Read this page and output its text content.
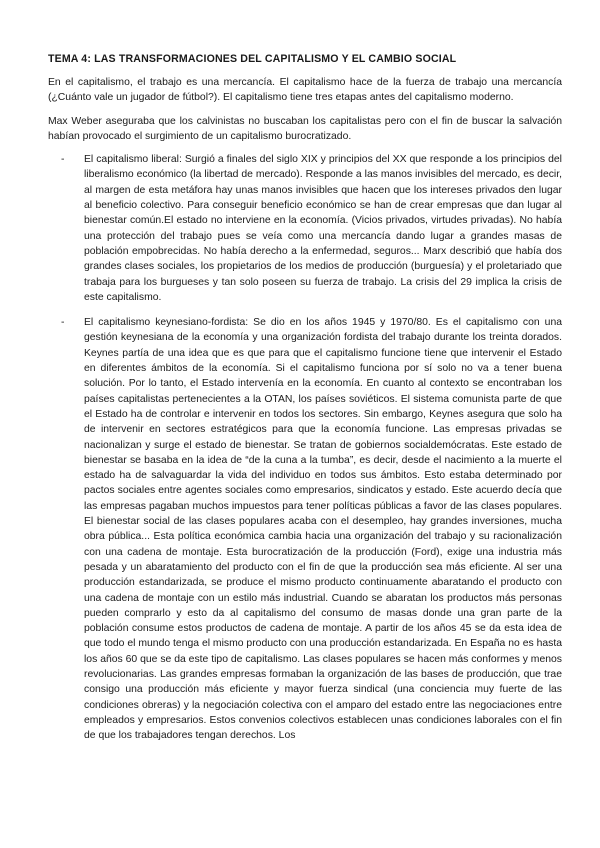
TEMA 4: LAS TRANSFORMACIONES DEL CAPITALISMO Y EL CAMBIO SOCIAL

En el capitalismo, el trabajo es una mercancía. El capitalismo hace de la fuerza de trabajo una mercancía (¿Cuánto vale un jugador de fútbol?). El capitalismo tiene tres etapas antes del capitalismo moderno.

Max Weber aseguraba que los calvinistas no buscaban los capitalistas pero con el fin de buscar la salvación habían provocado el surgimiento de un capitalismo burocratizado.

- El capitalismo liberal: Surgió a finales del siglo XIX y principios del XX que responde a los principios del liberalismo económico (la libertad de mercado). Responde a las manos invisibles del mercado, es decir, al margen de esta metáfora hay unas manos invisibles que hacen que los intereses privados den lugar al beneficio colectivo. Para conseguir beneficio económico se han de crear empresas que dan lugar al bienestar común.El estado no interviene en la economía. (Vicios privados, virtudes privadas). No había una protección del trabajo pues se veía como una mercancía dando lugar a grandes masas de población empobrecidas. No había derecho a la enfermedad, seguros... Marx describió que había dos grandes clases sociales, los propietarios de los medios de producción (burguesía) y el proletariado que trabaja para los burgueses y tan solo poseen su fuerza de trabajo. La crisis del 29 implica la crisis de este capitalismo.

- El capitalismo keynesiano-fordista: Se dio en los años 1945 y 1970/80. Es el capitalismo con una gestión keynesiana de la economía y una organización fordista del trabajo durante los treinta dorados. Keynes partía de una idea que es que para que el capitalismo funcione tiene que intervenir el Estado en diferentes ámbitos de la economía. Si el capitalismo funciona por sí solo no va a tener buena solución. Por lo tanto, el Estado intervenía en la economía. En cuanto al contexto se encontraban los países capitalistas pertenecientes a la OTAN, los países soviéticos. El sistema comunista parte de que el Estado ha de controlar e intervenir en todos los sectores. Sin embargo, Keynes asegura que solo ha de intervenir en sectores estratégicos para que la economía funcione. Las empresas privadas se nacionalizan y surge el estado de bienestar. Se tratan de gobiernos socialdemócratas. Este estado de bienestar se basaba en la idea de “de la cuna a la tumba”, es decir, desde el nacimiento a la muerte el estado ha de salvaguardar la vida del individuo en todos sus ámbitos. Esto estaba determinado por pactos sociales entre agentes sociales como empresarios, sindicatos y estado. Este acuerdo decía que las empresas pagaban muchos impuestos para tener políticas públicas a favor de las clases populares. El bienestar social de las clases populares acaba con el desempleo, hay grandes inversiones, mucha obra pública... Esta política económica cambia hacia una organización del trabajo y su racionalización con una cadena de montaje. Esta burocratización de la producción (Ford), exige una industria más pesada y un abaratamiento del producto con el fin de que la producción sea más eficiente. Al ser una producción estandarizada, se produce el mismo producto continuamente abaratando el producto con una cadena de montaje con un estilo más industrial. Cuando se abaratan los productos más personas pueden comprarlo y esto da al capitalismo del consumo de masas donde una gran parte de la población consume estos productos de cadena de montaje. A partir de los años 45 se da esta idea de que todo el mundo tenga el mismo producto con una producción estandarizada. En España no es hasta los años 60 que se da este tipo de capitalismo. Las clases populares se hacen más conformes y menos revolucionarias. Las grandes empresas formaban la organización de las bases de producción, que trae consigo una producción más eficiente y mayor fuerza sindical (una conciencia muy fuerte de las condiciones obreras) y la negociación colectiva con el amparo del estado entre las negociaciones entre empleados y empresarios. Estos convenios colectivos establecen unas condiciones laborales con el fin de que los trabajadores tengan derechos. Los
